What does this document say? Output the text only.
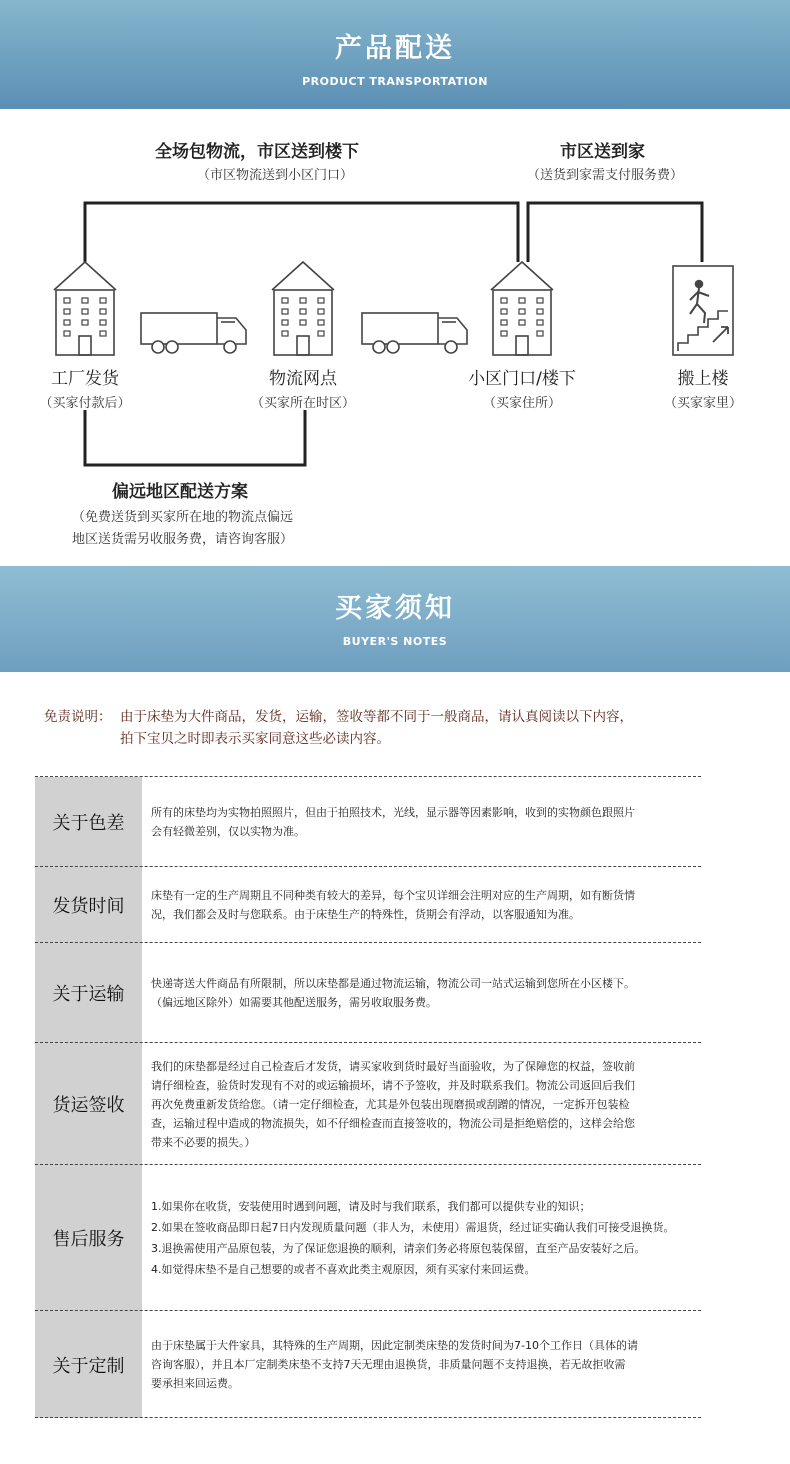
产品配送
PRODUCT TRANSPORTATION
全场包物流，市区送到楼下
（市区物流送到小区门口）
市区送到家
（送货到家需支付服务费）
工厂发货
（买家付款后）
物流网点
（买家所在时区）
小区门口/楼下
（买家住所）
搬上楼
（买家家里）
偏远地区配送方案
（免费送货到买家所在地的物流点偏远
地区送货需另收服务费，请咨询客服）
买家须知
BUYER'S NOTES
免责说明： 由于床垫为大件商品，发货，运输，签收等都不同于一般商品，请认真阅读以下内容，
拍下宝贝之时即表示买家同意这些必读内容。
关于色差
所有的床垫均为实物拍照照片，但由于拍照技术，光线，显示器等因素影响，收到的实物颜色跟照片
会有轻微差别，仅以实物为准。
发货时间
床垫有一定的生产周期且不同种类有较大的差异，每个宝贝详细会注明对应的生产周期，如有断货情
况，我们都会及时与您联系。由于床垫生产的特殊性，货期会有浮动，以客服通知为准。
关于运输
快递寄送大件商品有所限制，所以床垫都是通过物流运输，物流公司一站式运输到您所在小区楼下。
（偏远地区除外）如需要其他配送服务，需另收取服务费。
货运签收
我们的床垫都是经过自己检查后才发货，请买家收到货时最好当面验收，为了保障您的权益，签收前
请仔细检查，验货时发现有不对的或运输损坏，请不予签收，并及时联系我们。物流公司返回后我们
再次免费重新发货给您。（请一定仔细检查，尤其是外包装出现磨损或刮蹭的情况，一定拆开包装检
查，运输过程中造成的物流损失，如不仔细检查而直接签收的，物流公司是拒绝赔偿的，这样会给您
带来不必要的损失。）
售后服务
1.如果你在收货，安装使用时遇到问题，请及时与我们联系，我们都可以提供专业的知识；
2.如果在签收商品即日起7日内发现质量问题（非人为，未使用）需退货，经过证实确认我们可接受退换货。
3.退换需使用产品原包装，为了保证您退换的顺利，请亲们务必将原包装保留，直至产品安装好之后。
4.如觉得床垫不是自己想要的或者不喜欢此类主观原因，须有买家付来回运费。
关于定制
由于床垫属于大件家具，其特殊的生产周期，因此定制类床垫的发货时间为7-10个工作日（具体的请
咨询客服），并且本厂定制类床垫不支持7天无理由退换货，非质量问题不支持退换，若无故拒收需
要承担来回运费。
